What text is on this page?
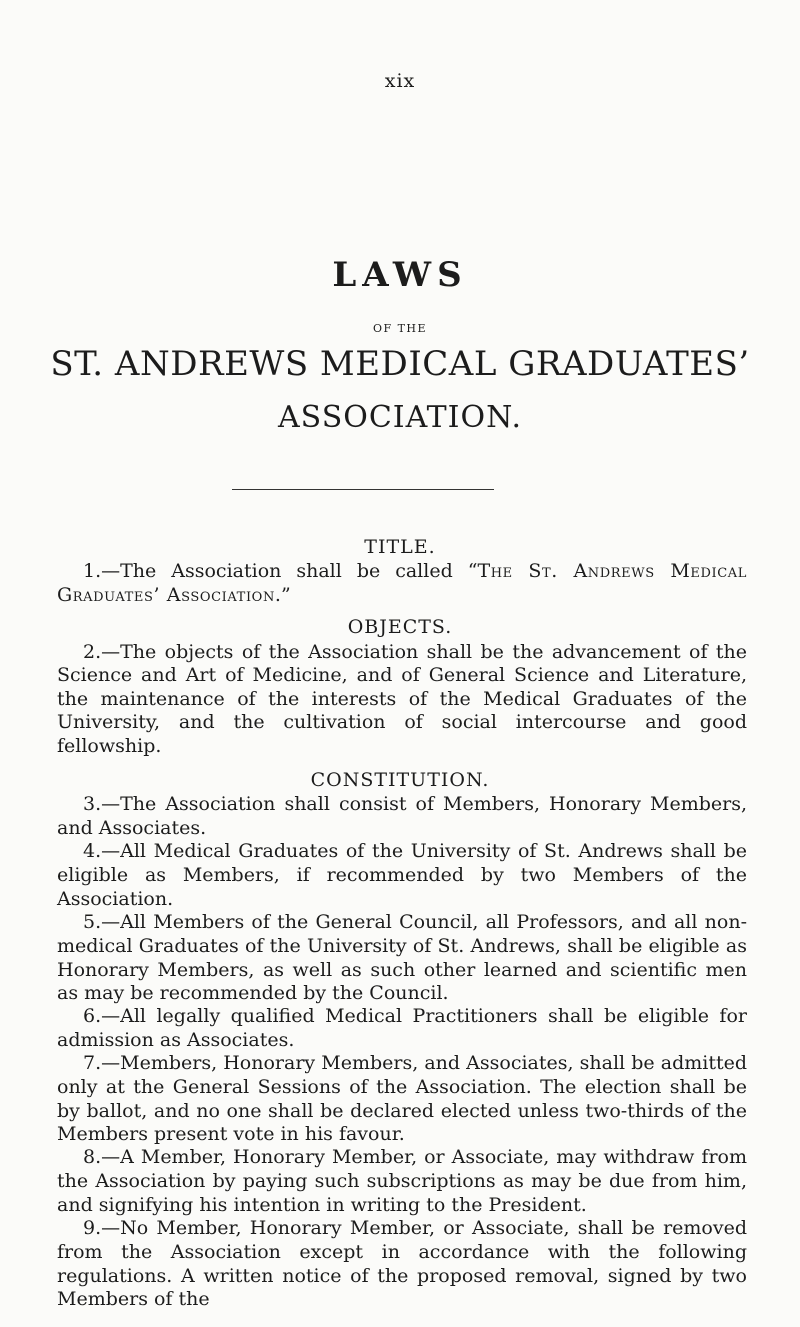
xix
LAWS
OF THE
ST. ANDREWS MEDICAL GRADUATES’
ASSOCIATION.
TITLE.
1.—The Association shall be called “The St. Andrews Medical Graduates’ Association.”
OBJECTS.
2.—The objects of the Association shall be the advancement of the Science and Art of Medicine, and of General Science and Literature, the maintenance of the interests of the Medical Graduates of the University, and the cultivation of social intercourse and good fellowship.
CONSTITUTION.
3.—The Association shall consist of Members, Honorary Members, and Associates.
4.—All Medical Graduates of the University of St. Andrews shall be eligible as Members, if recommended by two Members of the Association.
5.—All Members of the General Council, all Professors, and all non-medical Graduates of the University of St. Andrews, shall be eligible as Honorary Members, as well as such other learned and scientific men as may be recommended by the Council.
6.—All legally qualified Medical Practitioners shall be eligible for admission as Associates.
7.—Members, Honorary Members, and Associates, shall be admitted only at the General Sessions of the Association. The election shall be by ballot, and no one shall be declared elected unless two-thirds of the Members present vote in his favour.
8.—A Member, Honorary Member, or Associate, may withdraw from the Association by paying such subscriptions as may be due from him, and signifying his intention in writing to the President.
9.—No Member, Honorary Member, or Associate, shall be removed from the Association except in accordance with the following regulations. A written notice of the proposed removal, signed by two Members of the
